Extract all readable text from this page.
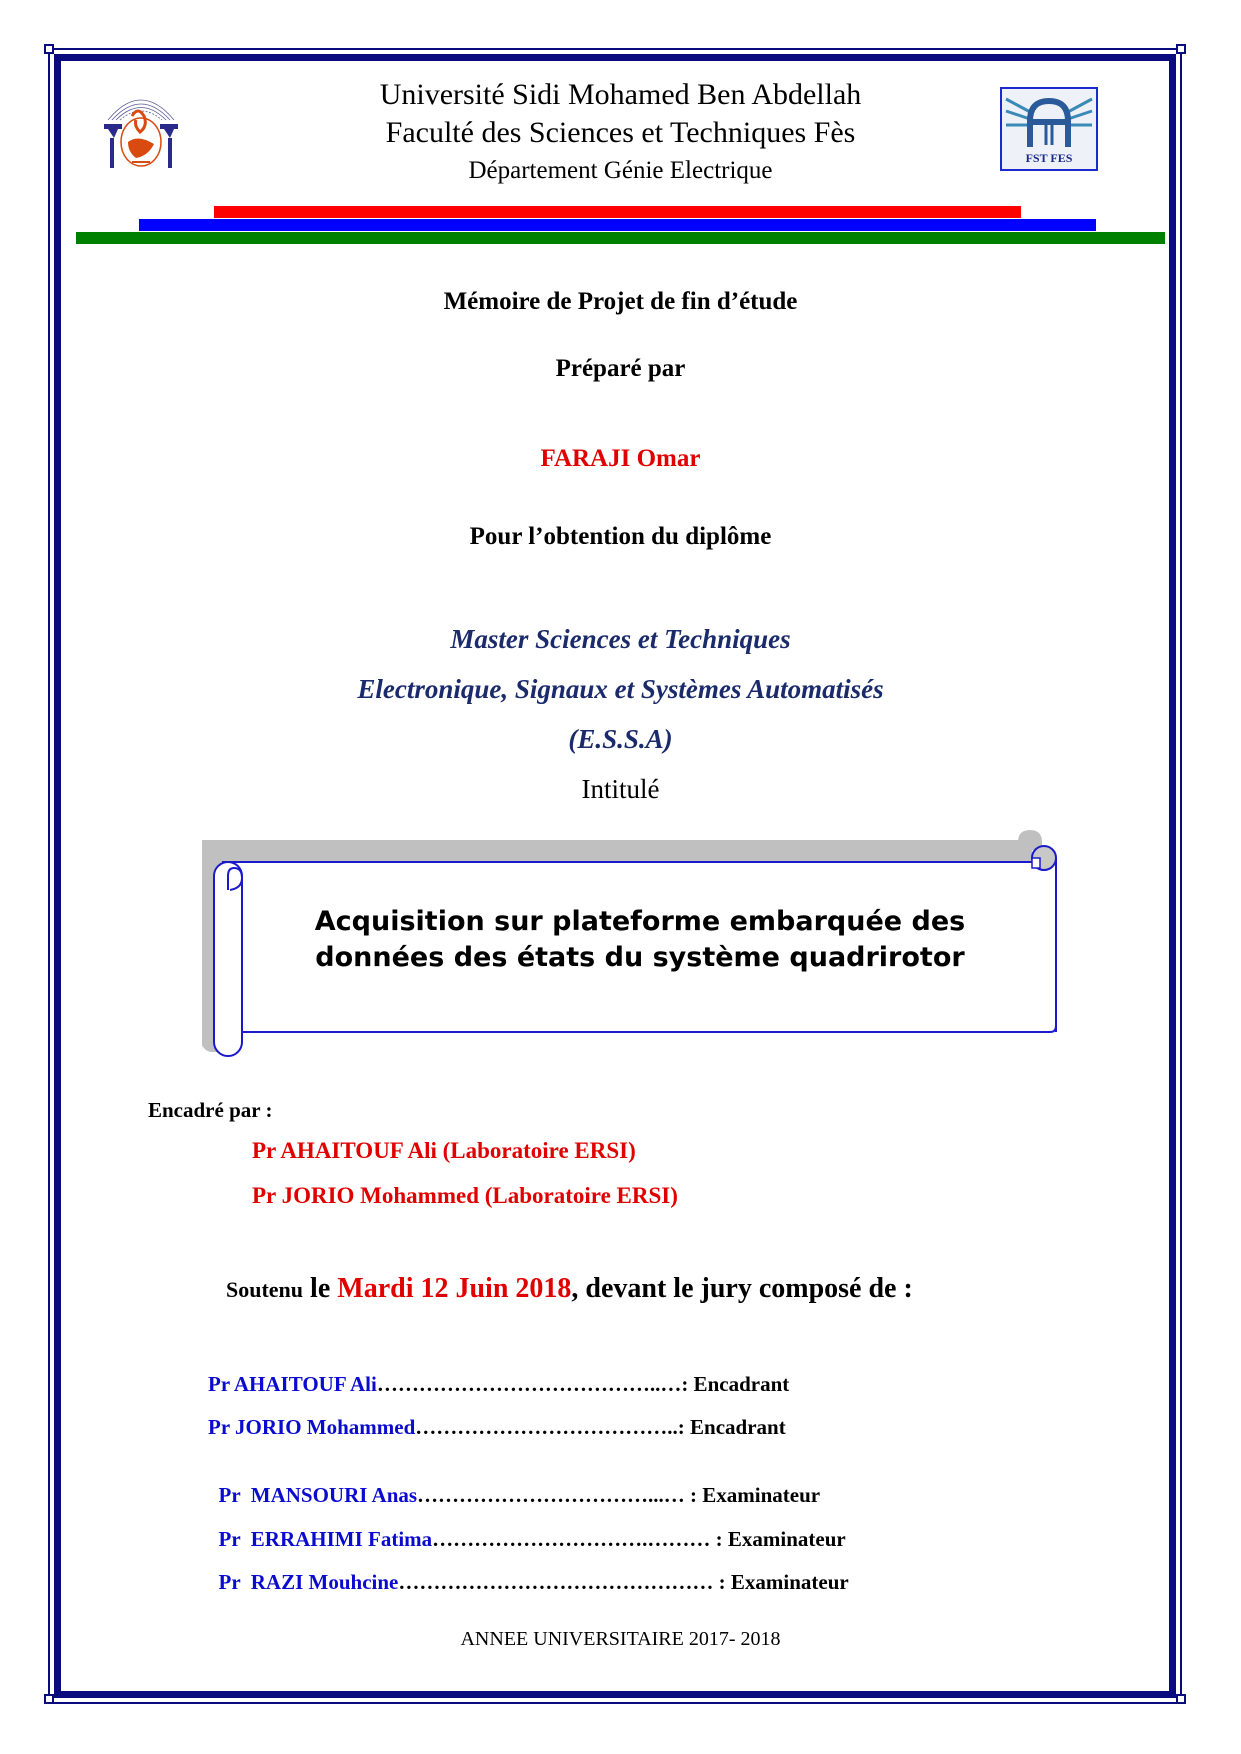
FST FES
Université Sidi Mohamed Ben Abdellah
Faculté des Sciences et Techniques Fès
Département Génie Electrique
Mémoire de Projet de fin d’étude
Préparé par
FARAJI Omar
Pour l’obtention du diplôme
Master Sciences et Techniques
Electronique, Signaux et Systèmes Automatisés
(E.S.S.A)
Intitulé
Acquisition sur plateforme embarquée des
données des états du système quadrirotor
Encadré par :
Pr AHAITOUF Ali (Laboratoire ERSI)
Pr JORIO Mohammed (Laboratoire ERSI)
Soutenu le Mardi 12 Juin 2018, devant le jury composé de :
Pr AHAITOUF Ali…………………………………..…: Encadrant
Pr JORIO Mohammed………………………………..: Encadrant

Pr  MANSOURI Anas……………………………...… : Examinateur

Pr  ERRAHIMI Fatima………………………….……… : Examinateur

Pr  RAZI Mouhcine……………………………………… : Examinateur

ANNEE UNIVERSITAIRE 2017- 2018
